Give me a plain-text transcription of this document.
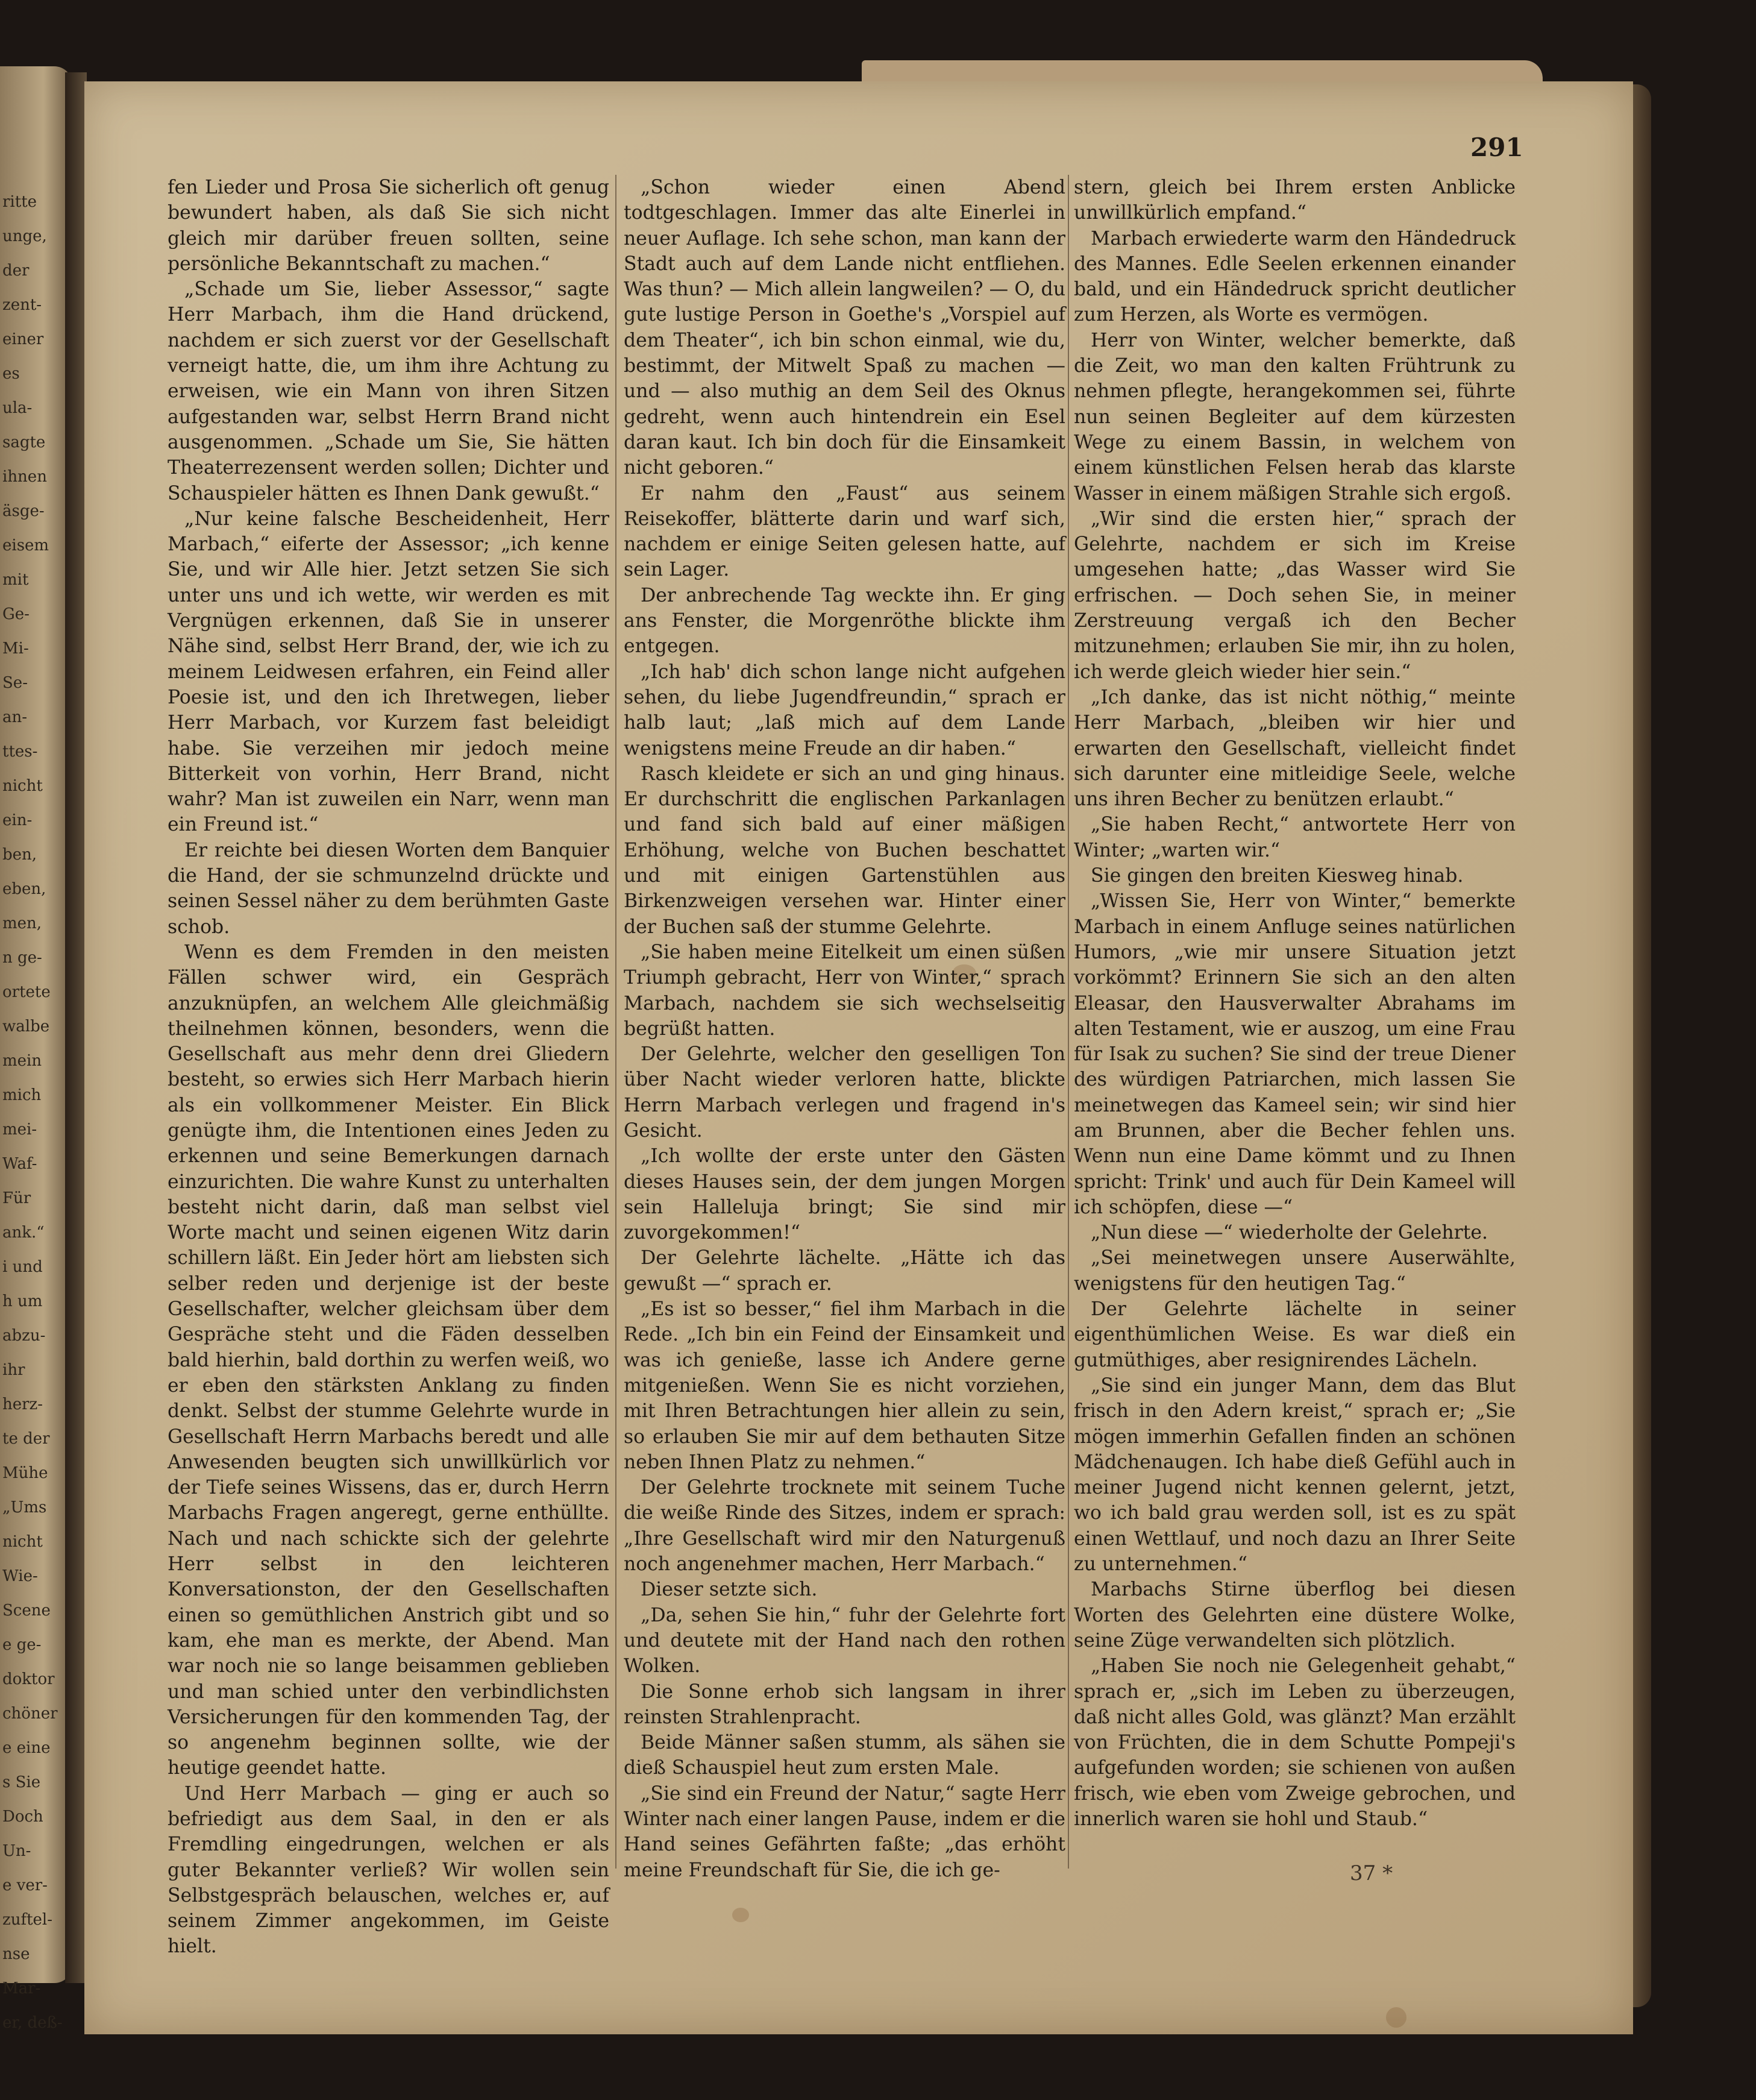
ritte
unge,
der
zent-
einer
es
ula-
sagte
ihnen
äsge-
eisem
mit
Ge-
Mi-
Se-
an-
ttes-
nicht
ein-
ben,
eben,
men,
n ge-
ortete
walbe
mein
mich
mei-
Waf-
Für
ank.“
i und
h um
abzu-
ihr
herz-
te der
Mühe
„Ums
nicht
Wie-
Scene
e ge-
doktor
chöner
e eine
s Sie
Doch
Un-
e ver-
zuftel-
nse
Mar-
er, deß-
291

fen Lieder und Prosa Sie sicherlich oft genug bewundert haben, als daß Sie sich nicht gleich mir darüber freuen sollten, seine persönliche Bekanntschaft zu machen.“

„Schade um Sie, lieber Assessor,“ sagte Herr Marbach, ihm die Hand drückend, nachdem er sich zuerst vor der Gesellschaft verneigt hatte, die, um ihm ihre Achtung zu erweisen, wie ein Mann von ihren Sitzen aufgestanden war, selbst Herrn Brand nicht ausgenommen. „Schade um Sie, Sie hätten Theaterrezensent werden sollen; Dichter und Schauspieler hätten es Ihnen Dank gewußt.“

„Nur keine falsche Bescheidenheit, Herr Marbach,“ eiferte der Assessor; „ich kenne Sie, und wir Alle hier. Jetzt setzen Sie sich unter uns und ich wette, wir werden es mit Vergnügen erkennen, daß Sie in unserer Nähe sind, selbst Herr Brand, der, wie ich zu meinem Leidwesen erfahren, ein Feind aller Poesie ist, und den ich Ihretwegen, lieber Herr Marbach, vor Kurzem fast beleidigt habe. Sie verzeihen mir jedoch meine Bitterkeit von vorhin, Herr Brand, nicht wahr? Man ist zuweilen ein Narr, wenn man ein Freund ist.“

Er reichte bei diesen Worten dem Banquier die Hand, der sie schmunzelnd drückte und seinen Sessel näher zu dem berühmten Gaste schob.

Wenn es dem Fremden in den meisten Fällen schwer wird, ein Gespräch anzuknüpfen, an welchem Alle gleichmäßig theilnehmen können, besonders, wenn die Gesellschaft aus mehr denn drei Gliedern besteht, so erwies sich Herr Marbach hierin als ein vollkommener Meister. Ein Blick genügte ihm, die Intentionen eines Jeden zu erkennen und seine Bemerkungen darnach einzurichten. Die wahre Kunst zu unterhalten besteht nicht darin, daß man selbst viel Worte macht und seinen eigenen Witz darin schillern läßt. Ein Jeder hört am liebsten sich selber reden und derjenige ist der beste Gesellschafter, welcher gleichsam über dem Gespräche steht und die Fäden desselben bald hierhin, bald dorthin zu werfen weiß, wo er eben den stärksten Anklang zu finden denkt. Selbst der stumme Gelehrte wurde in Gesellschaft Herrn Marbachs beredt und alle Anwesenden beugten sich unwillkürlich vor der Tiefe seines Wissens, das er, durch Herrn Marbachs Fragen angeregt, gerne enthüllte. Nach und nach schickte sich der gelehrte Herr selbst in den leichteren Konversationston, der den Gesellschaften einen so gemüthlichen Anstrich gibt und so kam, ehe man es merkte, der Abend. Man war noch nie so lange beisammen geblieben und man schied unter den verbindlichsten Versicherungen für den kommenden Tag, der so angenehm beginnen sollte, wie der heutige geendet hatte.

Und Herr Marbach — ging er auch so befriedigt aus dem Saal, in den er als Fremdling eingedrungen, welchen er als guter Bekannter verließ? Wir wollen sein Selbstgespräch belauschen, welches er, auf seinem Zimmer angekommen, im Geiste hielt.

„Schon wieder einen Abend todtgeschlagen. Immer das alte Einerlei in neuer Auflage. Ich sehe schon, man kann der Stadt auch auf dem Lande nicht entfliehen. Was thun? — Mich allein langweilen? — O, du gute lustige Person in Goethe's „Vorspiel auf dem Theater“, ich bin schon einmal, wie du, bestimmt, der Mitwelt Spaß zu machen — und — also muthig an dem Seil des Oknus gedreht, wenn auch hintendrein ein Esel daran kaut. Ich bin doch für die Einsamkeit nicht geboren.“

Er nahm den „Faust“ aus seinem Reisekoffer, blätterte darin und warf sich, nachdem er einige Seiten gelesen hatte, auf sein Lager.

Der anbrechende Tag weckte ihn. Er ging ans Fenster, die Morgenröthe blickte ihm entgegen.

„Ich hab' dich schon lange nicht aufgehen sehen, du liebe Jugendfreundin,“ sprach er halb laut; „laß mich auf dem Lande wenigstens meine Freude an dir haben.“

Rasch kleidete er sich an und ging hinaus. Er durchschritt die englischen Parkanlagen und fand sich bald auf einer mäßigen Erhöhung, welche von Buchen beschattet und mit einigen Gartenstühlen aus Birkenzweigen versehen war. Hinter einer der Buchen saß der stumme Gelehrte.

„Sie haben meine Eitelkeit um einen süßen Triumph gebracht, Herr von Winter,“ sprach Marbach, nachdem sie sich wechselseitig begrüßt hatten.

Der Gelehrte, welcher den geselligen Ton über Nacht wieder verloren hatte, blickte Herrn Marbach verlegen und fragend in's Gesicht.

„Ich wollte der erste unter den Gästen dieses Hauses sein, der dem jungen Morgen sein Halleluja bringt; Sie sind mir zuvorgekommen!“

Der Gelehrte lächelte. „Hätte ich das gewußt —“ sprach er.

„Es ist so besser,“ fiel ihm Marbach in die Rede. „Ich bin ein Feind der Einsamkeit und was ich genieße, lasse ich Andere gerne mitgenießen. Wenn Sie es nicht vorziehen, mit Ihren Betrachtungen hier allein zu sein, so erlauben Sie mir auf dem bethauten Sitze neben Ihnen Platz zu nehmen.“

Der Gelehrte trocknete mit seinem Tuche die weiße Rinde des Sitzes, indem er sprach: „Ihre Gesellschaft wird mir den Naturgenuß noch angenehmer machen, Herr Marbach.“

Dieser setzte sich.

„Da, sehen Sie hin,“ fuhr der Gelehrte fort und deutete mit der Hand nach den rothen Wolken.

Die Sonne erhob sich langsam in ihrer reinsten Strahlenpracht.

Beide Männer saßen stumm, als sähen sie dieß Schauspiel heut zum ersten Male.

„Sie sind ein Freund der Natur,“ sagte Herr Winter nach einer langen Pause, indem er die Hand seines Gefährten faßte; „das erhöht meine Freundschaft für Sie, die ich ge-

stern, gleich bei Ihrem ersten Anblicke unwillkürlich empfand.“

Marbach erwiederte warm den Händedruck des Mannes. Edle Seelen erkennen einander bald, und ein Händedruck spricht deutlicher zum Herzen, als Worte es vermögen.

Herr von Winter, welcher bemerkte, daß die Zeit, wo man den kalten Frühtrunk zu nehmen pflegte, herangekommen sei, führte nun seinen Begleiter auf dem kürzesten Wege zu einem Bassin, in welchem von einem künstlichen Felsen herab das klarste Wasser in einem mäßigen Strahle sich ergoß.

„Wir sind die ersten hier,“ sprach der Gelehrte, nachdem er sich im Kreise umgesehen hatte; „das Wasser wird Sie erfrischen. — Doch sehen Sie, in meiner Zerstreuung vergaß ich den Becher mitzunehmen; erlauben Sie mir, ihn zu holen, ich werde gleich wieder hier sein.“

„Ich danke, das ist nicht nöthig,“ meinte Herr Marbach, „bleiben wir hier und erwarten den Gesellschaft, vielleicht findet sich darunter eine mitleidige Seele, welche uns ihren Becher zu benützen erlaubt.“

„Sie haben Recht,“ antwortete Herr von Winter; „warten wir.“

Sie gingen den breiten Kiesweg hinab.

„Wissen Sie, Herr von Winter,“ bemerkte Marbach in einem Anfluge seines natürlichen Humors, „wie mir unsere Situation jetzt vorkömmt? Erinnern Sie sich an den alten Eleasar, den Hausverwalter Abrahams im alten Testament, wie er auszog, um eine Frau für Isak zu suchen? Sie sind der treue Diener des würdigen Patriarchen, mich lassen Sie meinetwegen das Kameel sein; wir sind hier am Brunnen, aber die Becher fehlen uns. Wenn nun eine Dame kömmt und zu Ihnen spricht: Trink' und auch für Dein Kameel will ich schöpfen, diese —“

„Nun diese —“ wiederholte der Gelehrte.

„Sei meinetwegen unsere Auserwählte, wenigstens für den heutigen Tag.“

Der Gelehrte lächelte in seiner eigenthümlichen Weise. Es war dieß ein gutmüthiges, aber resignirendes Lächeln.

„Sie sind ein junger Mann, dem das Blut frisch in den Adern kreist,“ sprach er; „Sie mögen immerhin Gefallen finden an schönen Mädchenaugen. Ich habe dieß Gefühl auch in meiner Jugend nicht kennen gelernt, jetzt, wo ich bald grau werden soll, ist es zu spät einen Wettlauf, und noch dazu an Ihrer Seite zu unternehmen.“

Marbachs Stirne überflog bei diesen Worten des Gelehrten eine düstere Wolke, seine Züge verwandelten sich plötzlich.

„Haben Sie noch nie Gelegenheit gehabt,“ sprach er, „sich im Leben zu überzeugen, daß nicht alles Gold, was glänzt? Man erzählt von Früchten, die in dem Schutte Pompeji's aufgefunden worden; sie schienen von außen frisch, wie eben vom Zweige gebrochen, und innerlich waren sie hohl und Staub.“

37 *
